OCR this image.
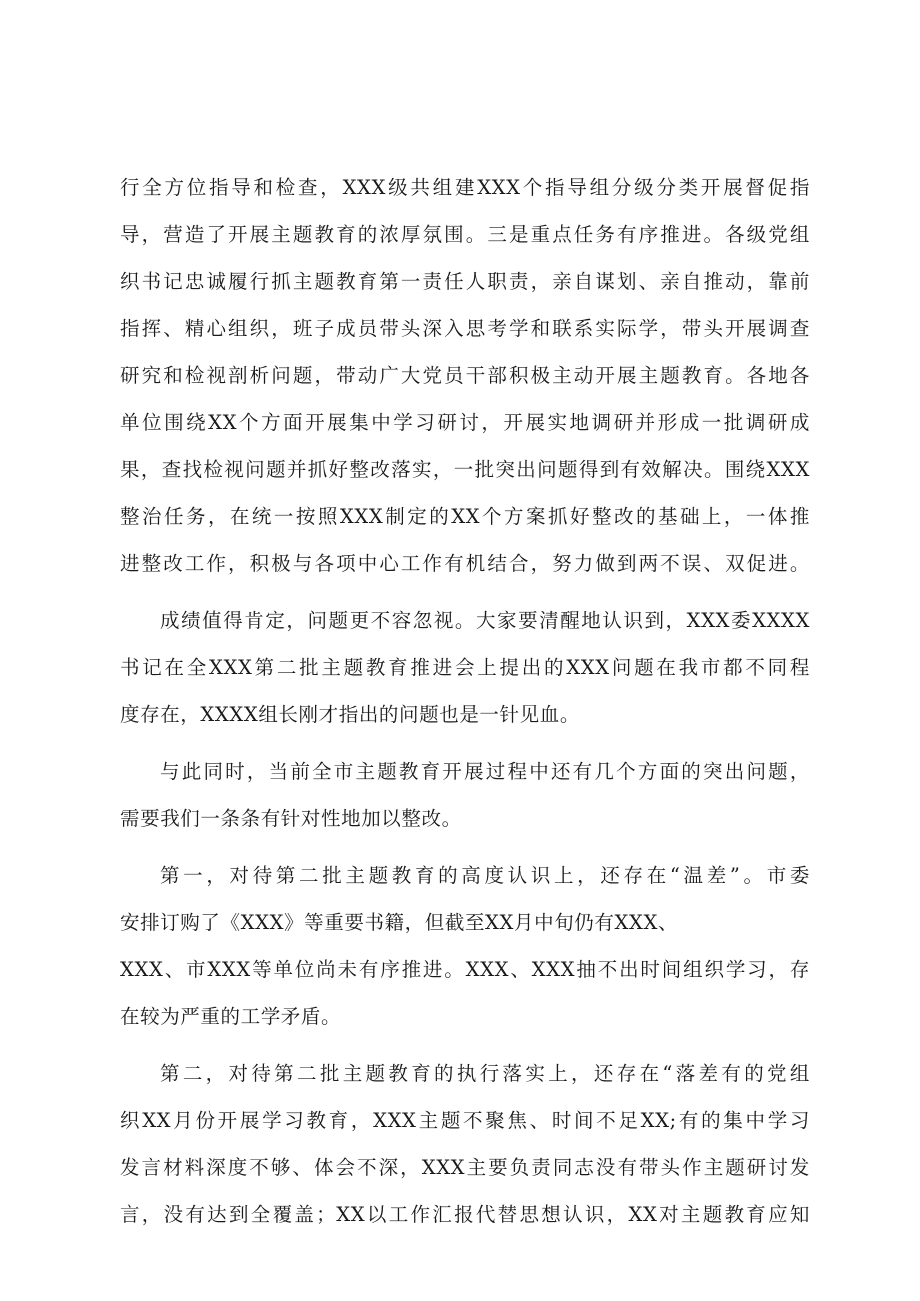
行全方位指导和检查，XXX级共组建XXX个指导组分级分类开展督促指
导，营造了开展主题教育的浓厚氛围。三是重点任务有序推进。各级党组
织书记忠诚履行抓主题教育第一责任人职责，亲自谋划、亲自推动，靠前
指挥、精心组织，班子成员带头深入思考学和联系实际学，带头开展调查
研究和检视剖析问题，带动广大党员干部积极主动开展主题教育。各地各
单位围绕XX个方面开展集中学习研讨，开展实地调研并形成一批调研成
果，查找检视问题并抓好整改落实，一批突出问题得到有效解决。围绕XXX
整治任务，在统一按照XXX制定的XX个方案抓好整改的基础上，一体推
进整改工作，积极与各项中心工作有机结合，努力做到两不误、双促进。
成绩值得肯定，问题更不容忽视。大家要清醒地认识到，XXX委XXXX
书记在全XXX第二批主题教育推进会上提出的XXX问题在我市都不同程
度存在，XXXX组长刚才指出的问题也是一针见血。
与此同时，当前全市主题教育开展过程中还有几个方面的突出问题，
需要我们一条条有针对性地加以整改。
第一，对待第二批主题教育的高度认识上，还存在“温差”。市委
安排订购了《XXX》等重要书籍，但截至XX月中旬仍有XXX、
XXX、市XXX等单位尚未有序推进。XXX、XXX抽不出时间组织学习，存
在较为严重的工学矛盾。
第二，对待第二批主题教育的执行落实上，还存在“落差有的党组
织XX月份开展学习教育，XXX主题不聚焦、时间不足XX;有的集中学习
发言材料深度不够、体会不深，XXX主要负责同志没有带头作主题研讨发
言，没有达到全覆盖；XX以工作汇报代替思想认识，XX对主题教育应知
